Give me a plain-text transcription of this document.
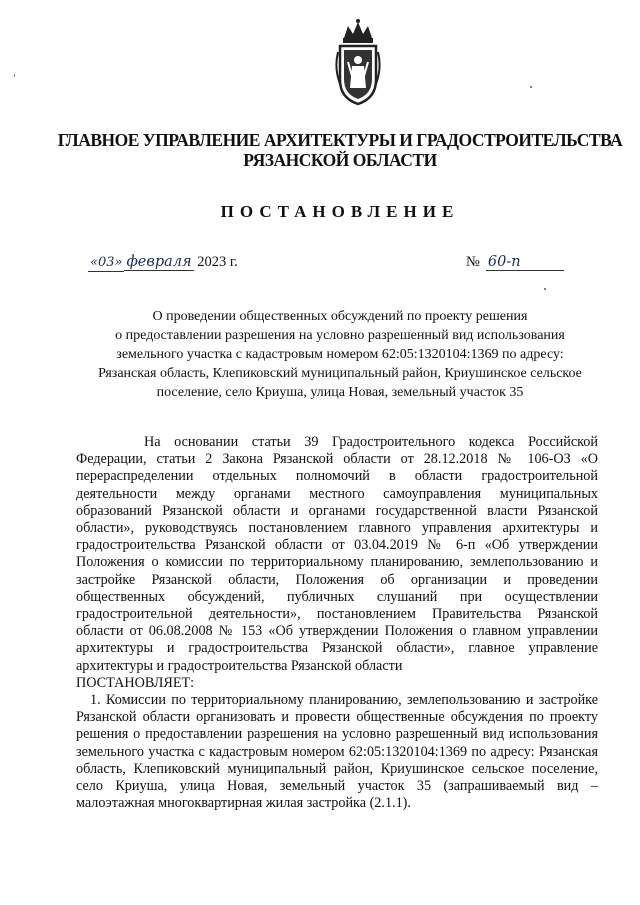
ГЛАВНОЕ УПРАВЛЕНИЕ АРХИТЕКТУРЫ И ГРАДОСТРОИТЕЛЬСТВА
РЯЗАНСКОЙ ОБЛАСТИ
ПОСТАНОВЛЕНИЕ
«03» февраля 2023 г.	№ 60-п
О проведении общественных обсуждений по проекту решения
о предоставлении разрешения на условно разрешенный вид использования
земельного участка с кадастровым номером 62:05:1320104:1369 по адресу:
Рязанская область, Клепиковский муниципальный район, Криушинское сельское
поселение, село Криуша, улица Новая, земельный участок 35

На основании статьи 39 Градостроительного кодекса Российской Федерации, статьи 2 Закона Рязанской области от 28.12.2018 № 106-ОЗ «О перераспределении отдельных полномочий в области градостроительной деятельности между органами местного самоуправления муниципальных образований Рязанской области и органами государственной власти Рязанской области», руководствуясь постановлением главного управления архитектуры и градостроительства Рязанской области от 03.04.2019 № 6-п «Об утверждении Положения о комиссии по территориальному планированию, землепользованию и застройке Рязанской области, Положения об организации и проведении общественных обсуждений, публичных слушаний при осуществлении градостроительной деятельности», постановлением Правительства Рязанской области от 06.08.2008 № 153 «Об утверждении Положения о главном управлении архитектуры и градостроительства Рязанской области», главное управление архитектуры и градостроительства Рязанской области

ПОСТАНОВЛЯЕТ:

1. Комиссии по территориальному планированию, землепользованию и застройке Рязанской области организовать и провести общественные обсуждения по проекту решения о предоставлении разрешения на условно разрешенный вид использования земельного участка с кадастровым номером 62:05:1320104:1369 по адресу: Рязанская область, Клепиковский муниципальный район, Криушинское сельское поселение, село Криуша, улица Новая, земельный участок 35 (запрашиваемый вид – малоэтажная многоквартирная жилая застройка (2.1.1).
